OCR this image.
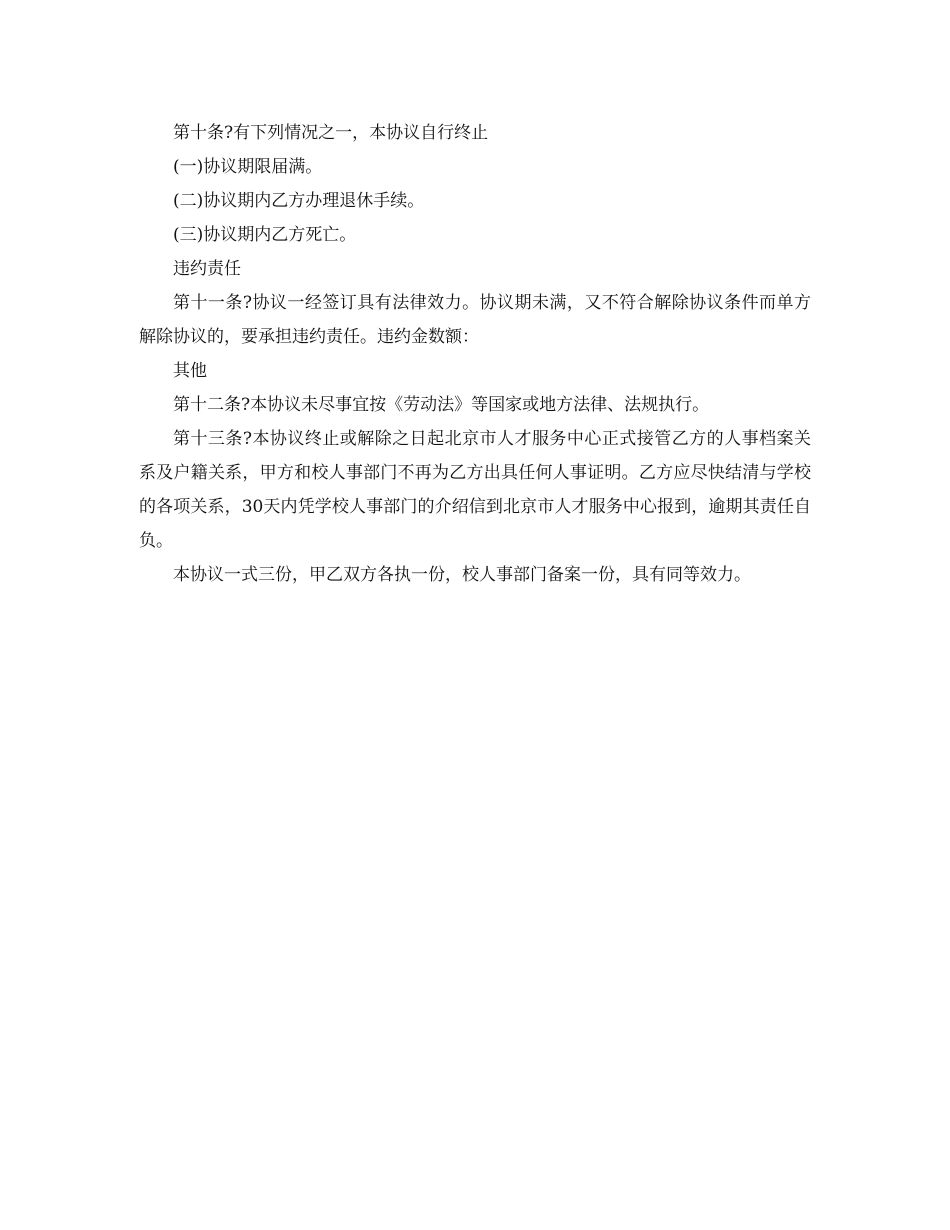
第十条?有下列情况之一，本协议自行终止

(一)协议期限届满。

(二)协议期内乙方办理退休手续。

(三)协议期内乙方死亡。

违约责任

第十一条?协议一经签订具有法律效力。协议期未满，又不符合解除协议条件而单方解除协议的，要承担违约责任。违约金数额：

其他

第十二条?本协议未尽事宜按《劳动法》等国家或地方法律、法规执行。

第十三条?本协议终止或解除之日起北京市人才服务中心正式接管乙方的人事档案关系及户籍关系，甲方和校人事部门不再为乙方出具任何人事证明。乙方应尽快结清与学校的各项关系，30天内凭学校人事部门的介绍信到北京市人才服务中心报到，逾期其责任自负。

本协议一式三份，甲乙双方各执一份，校人事部门备案一份，具有同等效力。
